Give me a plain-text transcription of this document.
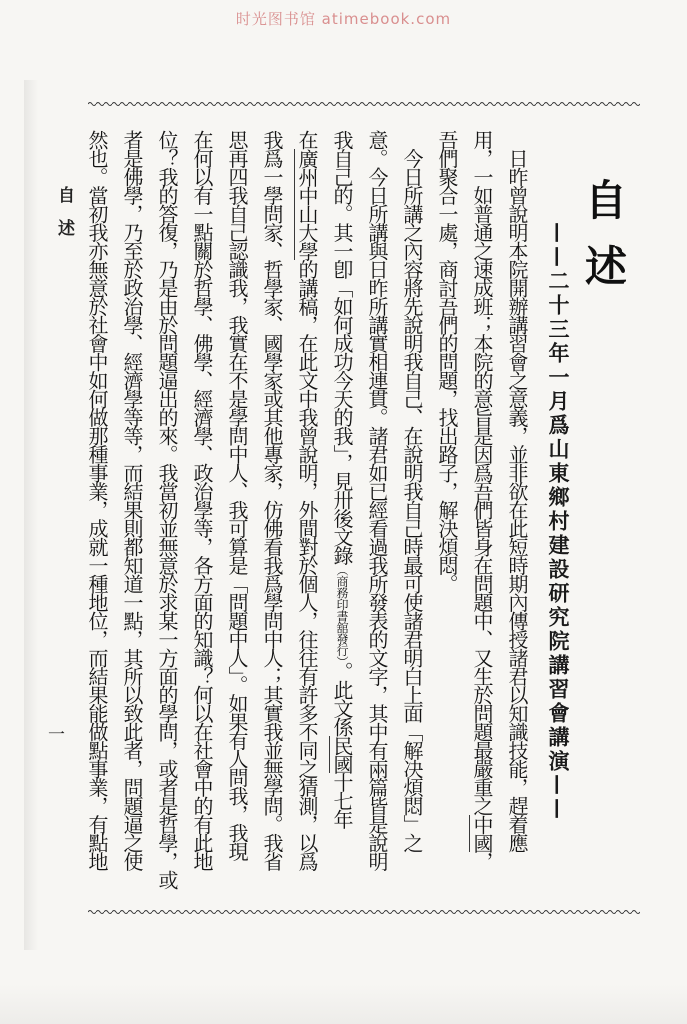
时光图书馆 atimebook.com
自述
一
自述
——二十三年一月爲山東鄉村建設研究院講習會講演——
　日昨曾說明本院開辦講習會之意義，並非欲在此短時期內傳授諸君以知識技能，趕着應
用，一如普通之速成班；本院的意旨是因爲吾們皆身在問題中、又生於問題最嚴重之中國，
吾們聚合一處，商討吾們的問題，找出路子，解決煩悶。
　今日所講之內容將先說明我自己、在說明我自己時最可使諸君明白上面「解决煩悶」之
意。今日所講與日昨所講實相連貫。諸君如已經看過我所發表的文字，其中有兩篇皆是說明
我自己的。其一卽「如何成功今天的我」，見卅後文錄（商務印書舘發行）。此文係民國十七年
在廣州中山大學的講稿，在此文中我曾說明，外間對於個人，往往有許多不同之猜測，以爲
我爲一學問家、哲學家、國學家或其他專家，仿佛看我爲學問中人；其實我並無學問。我省
思再四我自己認識我，我實在不是學問中人、我可算是「問題中人」。如果有人問我，我現
在何以有一點關於哲學、佛學、經濟學、政治學等，各方面的知識？何以在社會中的有此地
位？我的答復，乃是由於問題逼出的來。我當初並無意於求某一方面的學問，或者是哲學，或
者是佛學，乃至於政治學、經濟學等等，而結果則都知道一點，其所以致此者，問題逼之使
然也。當初我亦無意於社會中如何做那種事業，成就一種地位，而結果能做點事業，有點地
